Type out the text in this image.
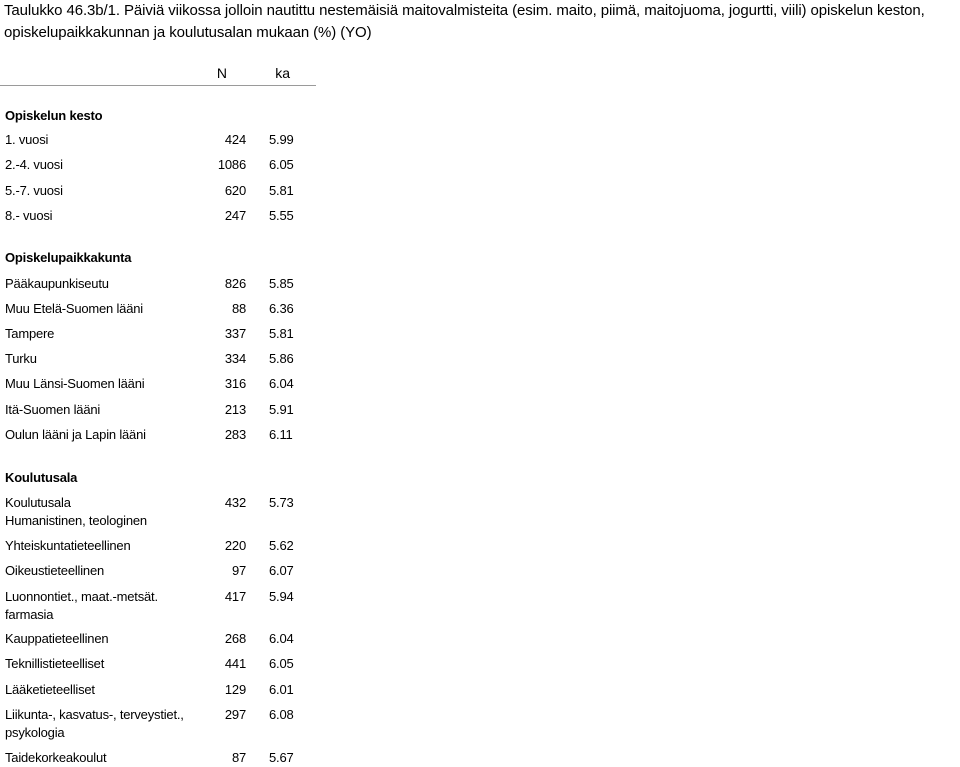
Taulukko 46.3b/1. Päiviä viikossa jolloin nautittu nestemäisiä maitovalmisteita (esim. maito, piimä, maitojuoma, jogurtti, viili) opiskelun keston, opiskelupaikkakunnan ja koulutusalan mukaan (%) (YO)
N	ka
Opiskelun kesto
1. vuosi	424 5.99
2.-4. vuosi	1086 6.05
5.-7. vuosi	620 5.81
8.- vuosi	247 5.55
Opiskelupaikkakunta
Pääkaupunkiseutu	826 5.85
Muu Etelä-Suomen lääni	88 6.36
Tampere	337 5.81
Turku	334 5.86
Muu Länsi-Suomen lääni	316 6.04
Itä-Suomen lääni	213 5.91
Oulun lääni ja Lapin lääni	283 6.11
Koulutusala
Koulutusala	432 5.73
Humanistinen, teologinen
Yhteiskuntatieteellinen	220 5.62
Oikeustieteellinen	97 6.07
Luonnontiet., maat.-metsät.	417 5.94
farmasia
Kauppatieteellinen	268 6.04
Teknillistieteelliset	441 6.05
Lääketieteelliset	129 6.01
Liikunta-, kasvatus-, terveystiet.,	297 6.08
psykologia
Taidekorkeakoulut	87 5.67
